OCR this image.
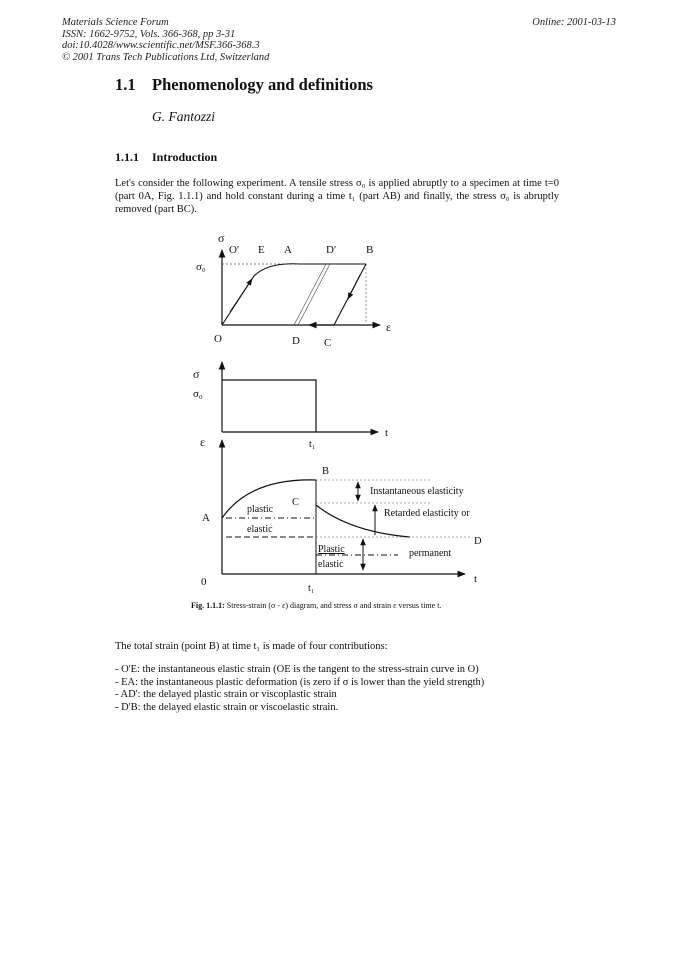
Materials Science Forum
ISSN: 1662-9752, Vols. 366-368, pp 3-31
doi:10.4028/www.scientific.net/MSF.366-368.3
© 2001 Trans Tech Publications Ltd, Switzerland
Online: 2001-03-13
1.1 Phenomenology and definitions
G. Fantozzi
1.1.1 Introduction
Let's consider the following experiment. A tensile stress σ₀ is applied abruptly to a specimen at time t=0 (part 0A, Fig. 1.1.1) and hold constant during a time t₁ (part AB) and finally, the stress σ₀ is abruptly removed (part BC).
σ
ε
σ₀
O' E A	D'	B
O	D C
σ
σ₀
t
t₁
ε
t
0
t₁
A
B
C
D
plastic
elastic
Plastic
elastic
Instantaneous elasticity
Retarded elasticity or
permanent
Fig. 1.1.1: Stress-strain (σ - ε) diagram, and stress σ and strain ε versus time t.
The total strain (point B) at time t₁ is made of four contributions:
- O'E: the instantaneous elastic strain (OE is the tangent to the stress-strain curve in O)
- EA: the instantaneous plastic deformation (is zero if σ is lower than the yield strength)
- AD': the delayed plastic strain or viscoplastic strain
- D'B: the delayed elastic strain or viscoelastic strain.
